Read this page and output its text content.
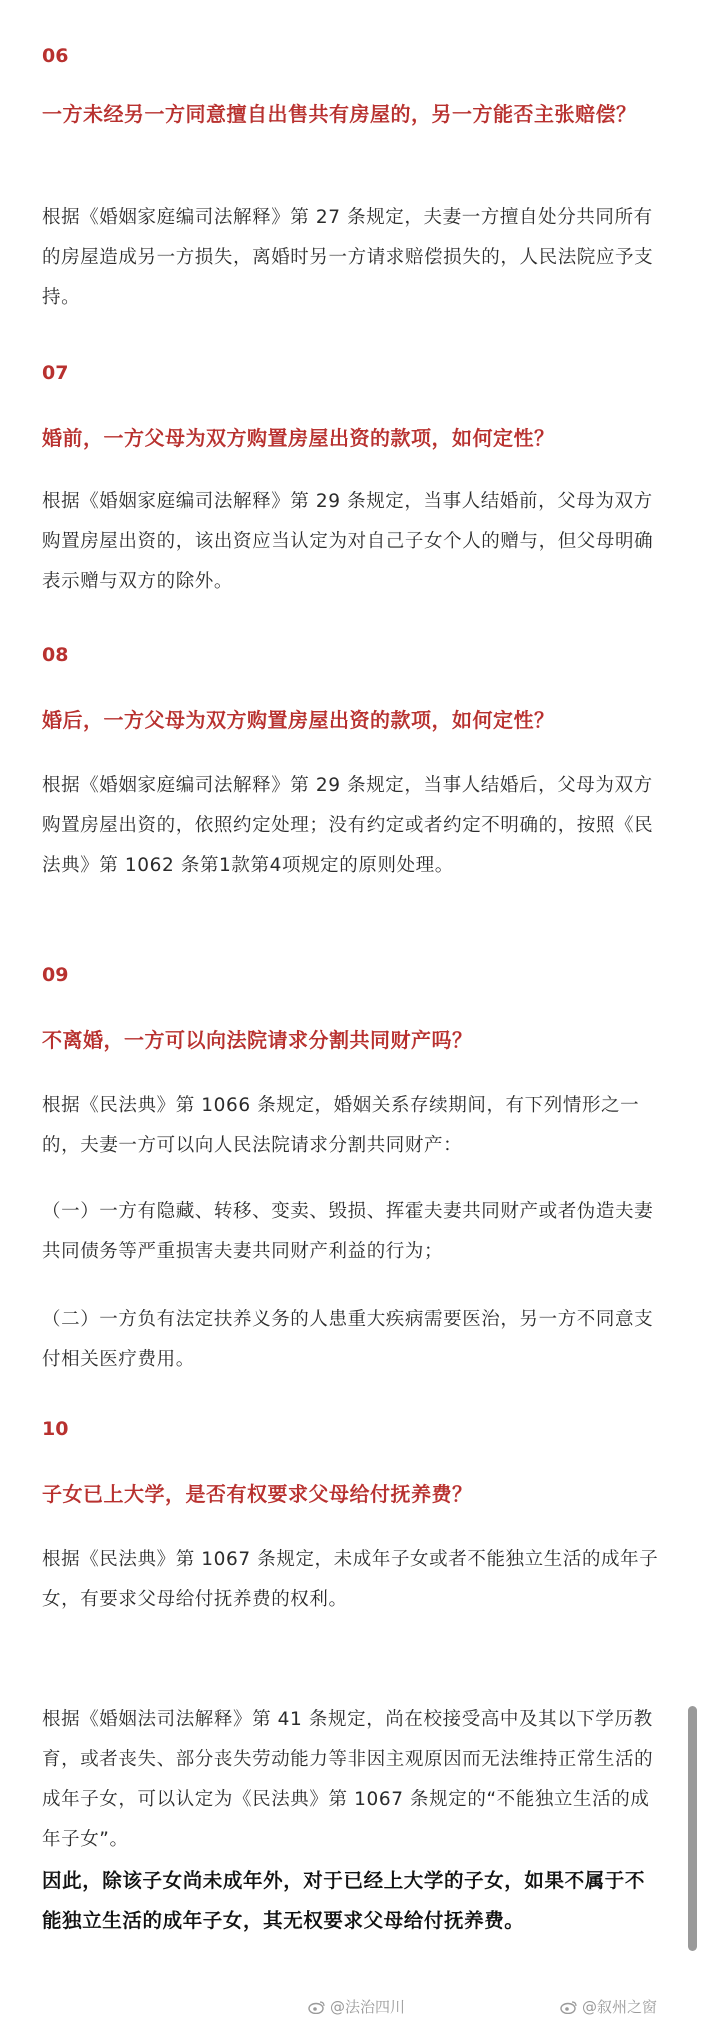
06
一方未经另一方同意擅自出售共有房屋的，另一方能否主张赔偿？
根据《婚姻家庭编司法解释》第 27 条规定，夫妻一方擅自处分共同所有的房屋造成另一方损失，离婚时另一方请求赔偿损失的，人民法院应予支持。
07
婚前，一方父母为双方购置房屋出资的款项，如何定性？
根据《婚姻家庭编司法解释》第 29 条规定，当事人结婚前，父母为双方购置房屋出资的，该出资应当认定为对自己子女个人的赠与，但父母明确表示赠与双方的除外。
08
婚后，一方父母为双方购置房屋出资的款项，如何定性？
根据《婚姻家庭编司法解释》第 29 条规定，当事人结婚后，父母为双方购置房屋出资的，依照约定处理；没有约定或者约定不明确的，按照《民法典》第 1062 条第1款第4项规定的原则处理。
09
不离婚，一方可以向法院请求分割共同财产吗？
根据《民法典》第 1066 条规定，婚姻关系存续期间，有下列情形之一的，夫妻一方可以向人民法院请求分割共同财产：
（一）一方有隐藏、转移、变卖、毁损、挥霍夫妻共同财产或者伪造夫妻共同债务等严重损害夫妻共同财产利益的行为；
（二）一方负有法定扶养义务的人患重大疾病需要医治，另一方不同意支付相关医疗费用。
10
子女已上大学，是否有权要求父母给付抚养费？
根据《民法典》第 1067 条规定，未成年子女或者不能独立生活的成年子女，有要求父母给付抚养费的权利。
根据《婚姻法司法解释》第 41 条规定，尚在校接受高中及其以下学历教育，或者丧失、部分丧失劳动能力等非因主观原因而无法维持正常生活的成年子女，可以认定为《民法典》第 1067 条规定的“不能独立生活的成年子女”。
因此，除该子女尚未成年外，对于已经上大学的子女，如果不属于不能独立生活的成年子女，其无权要求父母给付抚养费。
@法治四川	@叙州之窗
